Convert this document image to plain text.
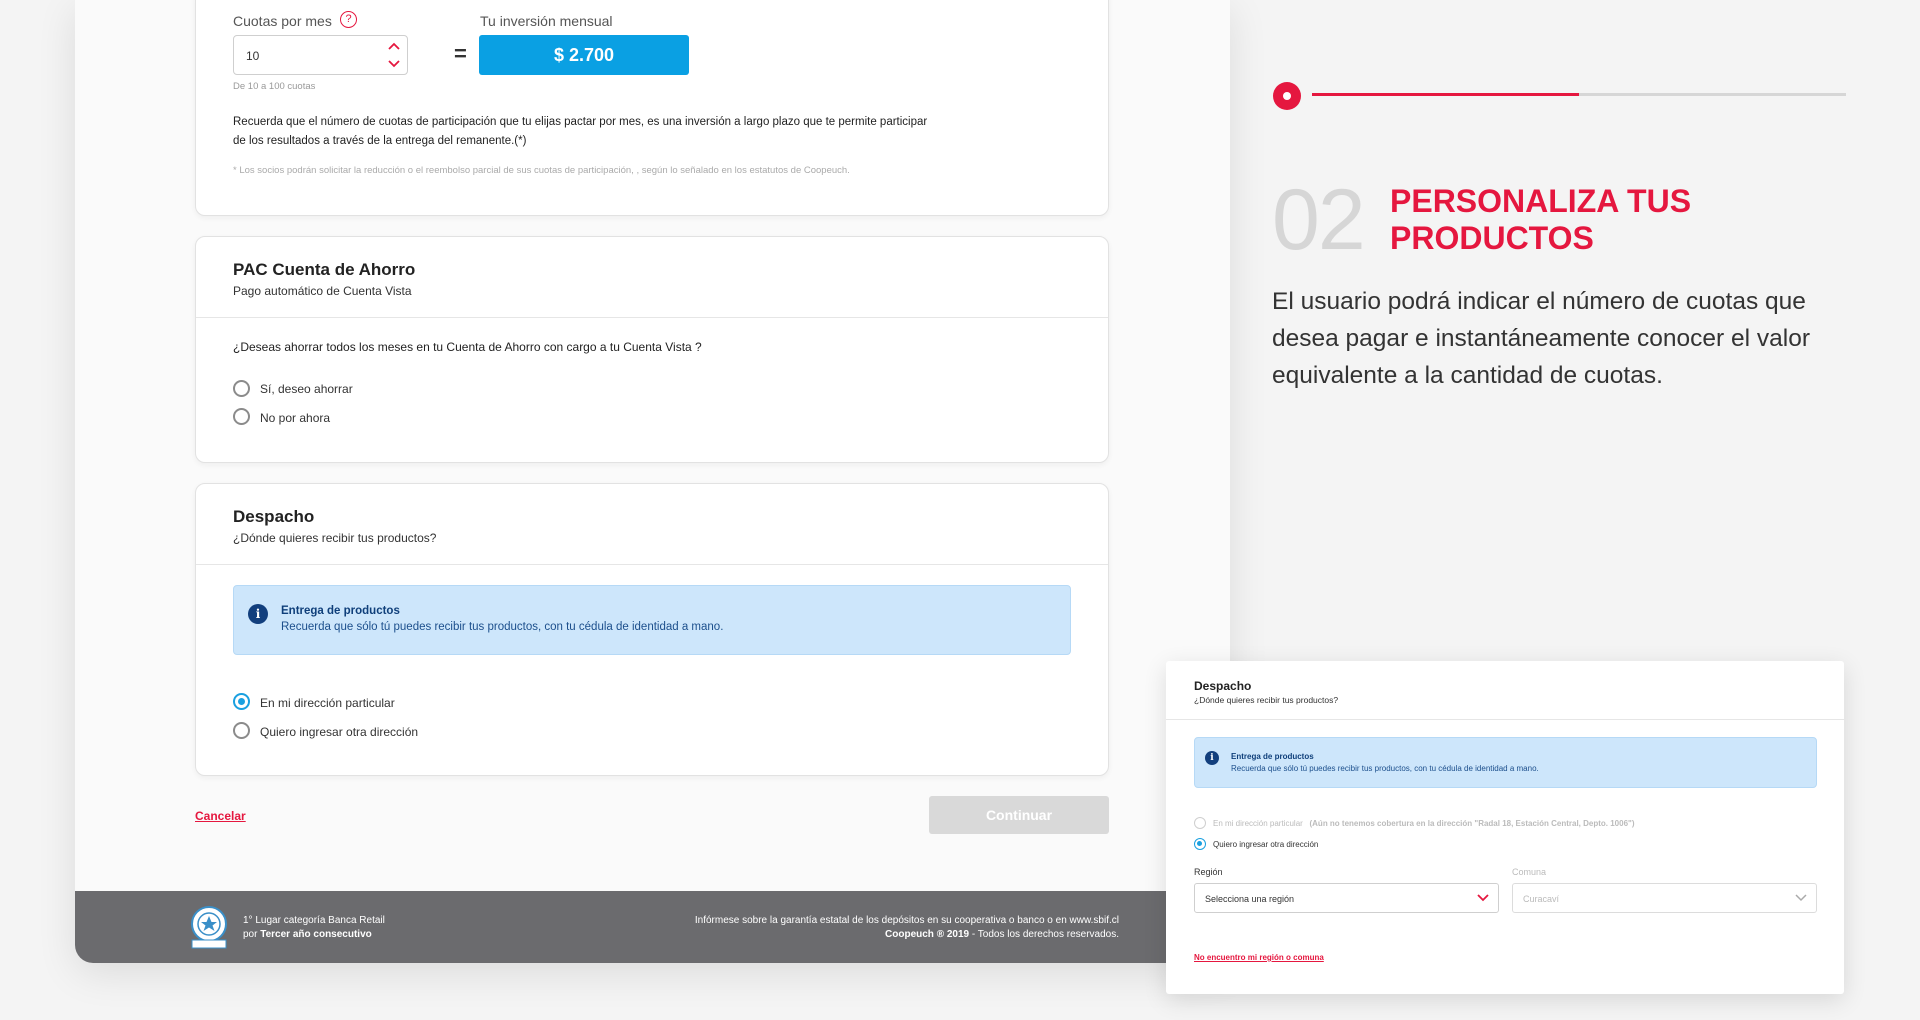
Cuotas por mes	?
10
De 10 a 100 cuotas
=
Tu inversión mensual
$ 2.700
Recuerda que el número de cuotas de participación que tu elijas pactar por mes, es una inversión a largo plazo que te permite participar
de los resultados a través de la entrega del remanente.(*)
* Los socios podrán solicitar la reducción o el reembolso parcial de sus cuotas de participación, , según lo señalado en los estatutos de Coopeuch.
PAC Cuenta de Ahorro
Pago automático de Cuenta Vista
¿Deseas ahorrar todos los meses en tu Cuenta de Ahorro con cargo a tu Cuenta Vista ?
Sí, deseo ahorrar
No por ahora
Despacho
¿Dónde quieres recibir tus productos?
i	Entrega de productos
Recuerda que sólo tú puedes recibir tus productos, con tu cédula de identidad a mano.
En mi dirección particular
Quiero ingresar otra dirección
Cancelar	Continuar
1° Lugar categoría Banca Retail
por Tercer año consecutivo
Infórmese sobre la garantía estatal de los depósitos en su cooperativa o banco o en www.sbif.cl
Coopeuch ® 2019 - Todos los derechos reservados.
02 PERSONALIZA TUS
PRODUCTOS
El usuario podrá indicar el número de cuotas que desea pagar e instantáneamente conocer el valor equivalente a la cantidad de cuotas.
Despacho
¿Dónde quieres recibir tus productos?
i	Entrega de productos
Recuerda que sólo tú puedes recibir tus productos, con tu cédula de identidad a mano.
En mi dirección particular (Aún no tenemos cobertura en la dirección "Radal 18, Estación Central, Depto. 1006")
Quiero ingresar otra dirección
Región
Selecciona una región
Comuna
Curacaví
No encuentro mi región o comuna
